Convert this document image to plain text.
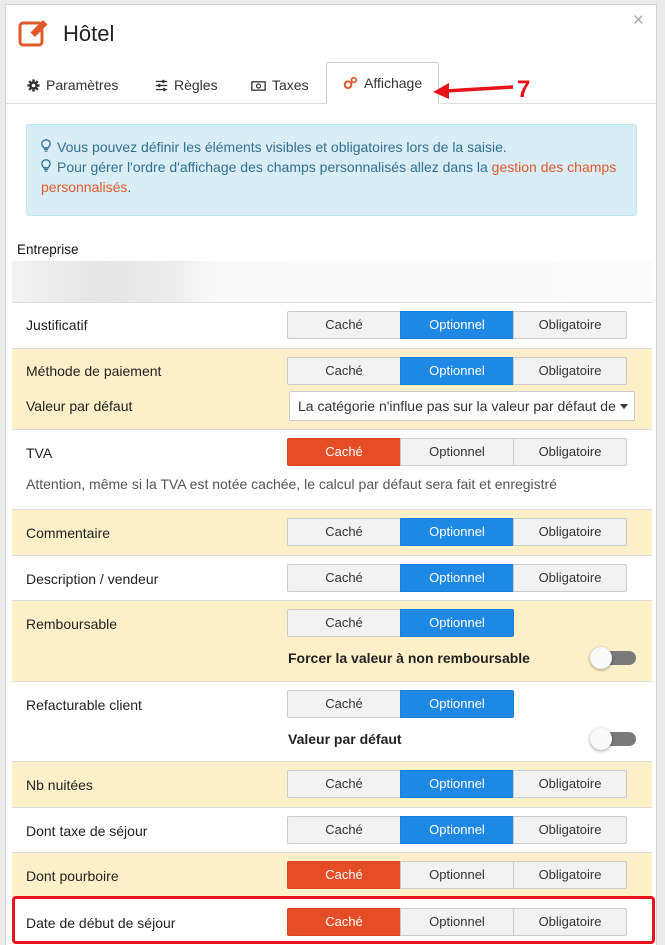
Hôtel
×
Paramètres	Règles	Taxes	Affichage	7
Vous pouvez définir les éléments visibles et obligatoires lors de la saisie.
Pour gérer l'ordre d'affichage des champs personnalisés allez dans la gestion des champs personnalisés.
Entreprise
Justificatif	Caché	Optionnel	Obligatoire
Méthode de paiement	Caché	Optionnel	Obligatoire
Valeur par défaut	La catégorie n'influe pas sur la valeur par défaut de
TVA	Caché	Optionnel	Obligatoire
Attention, même si la TVA est notée cachée, le calcul par défaut sera fait et enregistré
Commentaire	Caché	Optionnel	Obligatoire
Description / vendeur	Caché	Optionnel	Obligatoire
Remboursable	Caché	Optionnel
Forcer la valeur à non remboursable
Refacturable client	Caché	Optionnel
Valeur par défaut
Nb nuitées	Caché	Optionnel	Obligatoire
Dont taxe de séjour	Caché	Optionnel	Obligatoire
Dont pourboire	Caché	Optionnel	Obligatoire
Date de début de séjour	Caché	Optionnel	Obligatoire
